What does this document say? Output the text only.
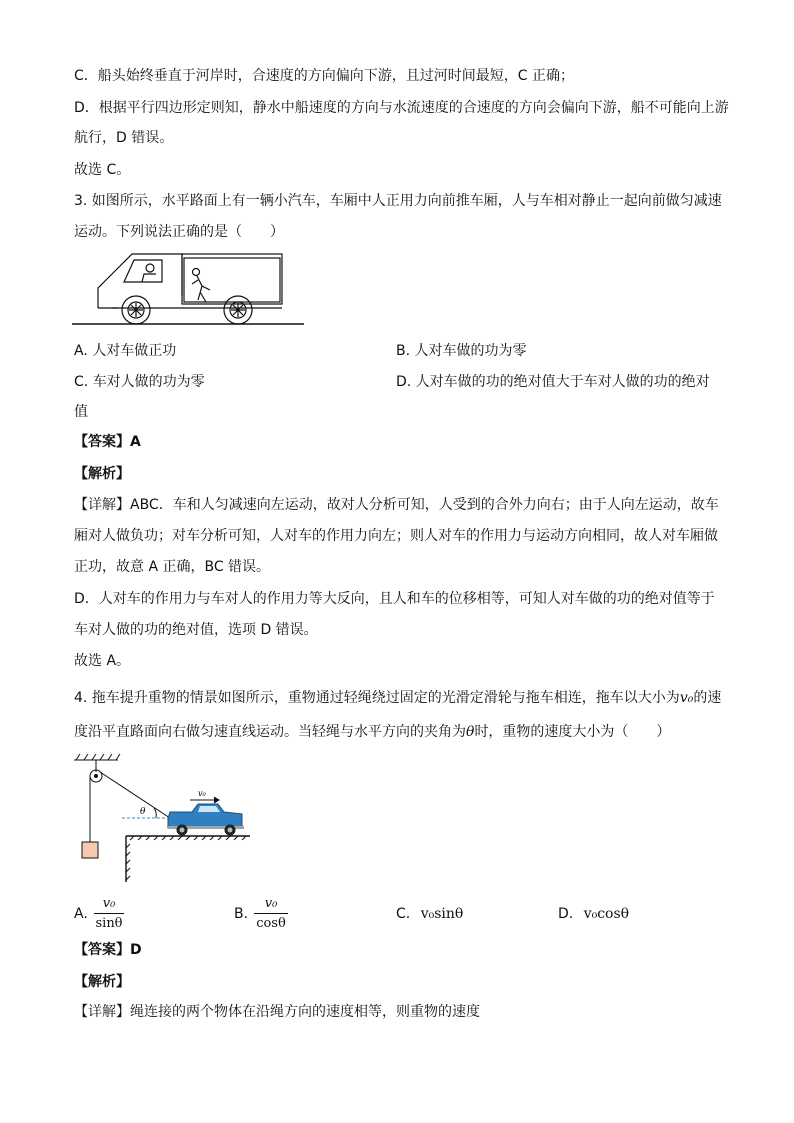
C．船头始终垂直于河岸时，合速度的方向偏向下游，且过河时间最短，C 正确；
D．根据平行四边形定则知，静水中船速度的方向与水流速度的合速度的方向会偏向下游，船不可能向上游
航行，D 错误。
故选 C。
3. 如图所示，水平路面上有一辆小汽车，车厢中人正用力向前推车厢，人与车相对静止一起向前做匀减速
运动。下列说法正确的是（　　）
A. 人对车做正功	B. 人对车做的功为零
C. 车对人做的功为零	D. 人对车做的功的绝对值大于车对人做的功的绝对
值
【答案】A
【解析】
【详解】ABC．车和人匀减速向左运动，故对人分析可知，人受到的合外力向右；由于人向左运动，故车
厢对人做负功；对车分析可知，人对车的作用力向左；则人对车的作用力与运动方向相同，故人对车厢做
正功，故意 A 正确，BC 错误。
D．人对车的作用力与车对人的作用力等大反向，且人和车的位移相等，可知人对车做的功的绝对值等于
车对人做的功的绝对值，选项 D 错误。
故选 A。
4. 拖车提升重物的情景如图所示，重物通过轻绳绕过固定的光滑定滑轮与拖车相连，拖车以大小为v₀的速
度沿平直路面向右做匀速直线运动。当轻绳与水平方向的夹角为θ时，重物的速度大小为（　　）
v₀
θ
A.
v₀
sinθ
B.
v₀
cosθ
C. v₀sinθ	D. v₀cosθ
【答案】D
【解析】
【详解】绳连接的两个物体在沿绳方向的速度相等，则重物的速度
